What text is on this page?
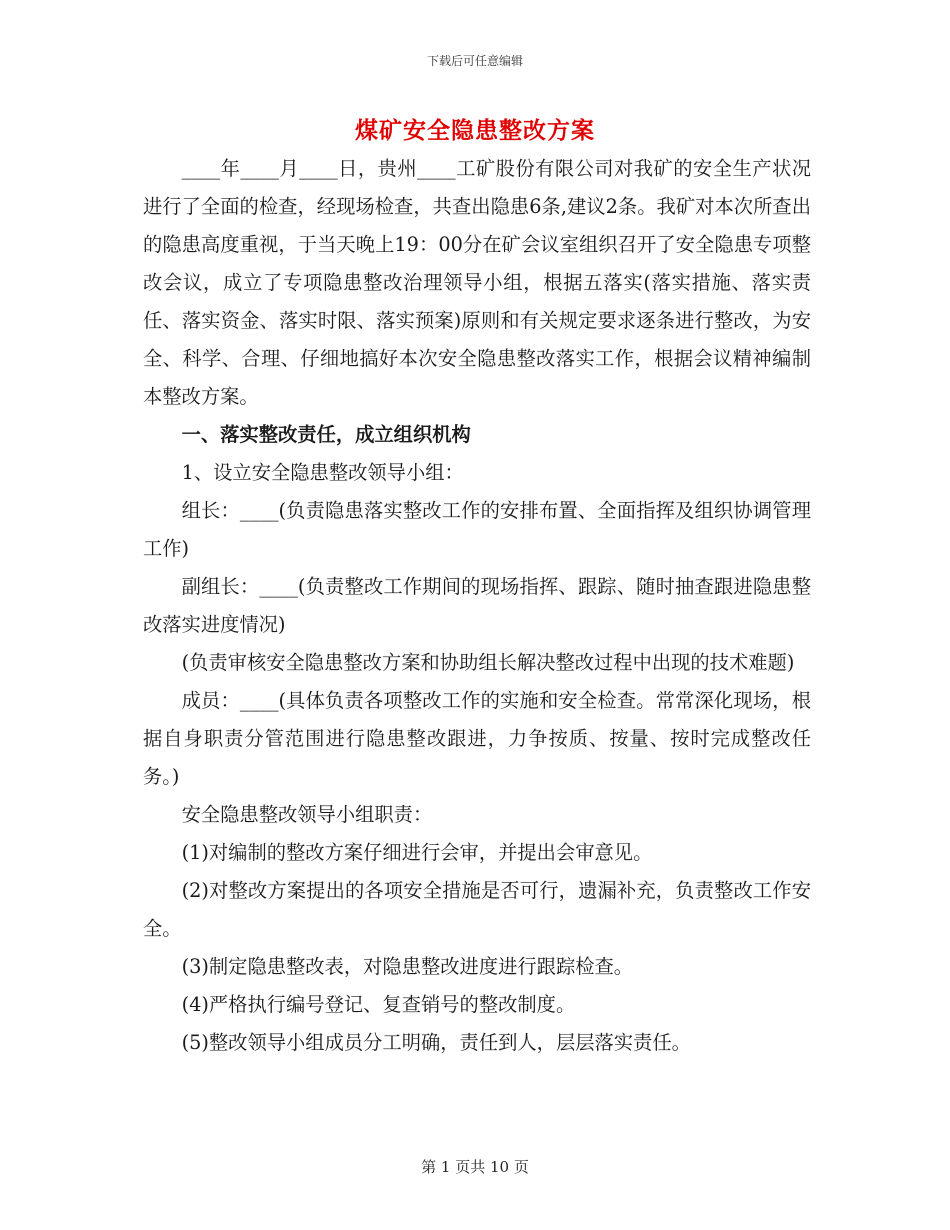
下载后可任意编辑
煤矿安全隐患整改方案

____年____月____日，贵州____工矿股份有限公司对我矿的安全生产状况进行了全面的检查，经现场检查，共查出隐患6条,建议2条。我矿对本次所查出的隐患高度重视，于当天晚上19：00分在矿会议室组织召开了安全隐患专项整改会议，成立了专项隐患整改治理领导小组，根据五落实(落实措施、落实责任、落实资金、落实时限、落实预案)原则和有关规定要求逐条进行整改，为安全、科学、合理、仔细地搞好本次安全隐患整改落实工作，根据会议精神编制本整改方案。

一、落实整改责任，成立组织机构

1、设立安全隐患整改领导小组：

组长：____(负责隐患落实整改工作的安排布置、全面指挥及组织协调管理工作)

副组长：____(负责整改工作期间的现场指挥、跟踪、随时抽查跟进隐患整改落实进度情况)

(负责审核安全隐患整改方案和协助组长解决整改过程中出现的技术难题)

成员：____(具体负责各项整改工作的实施和安全检查。常常深化现场，根据自身职责分管范围进行隐患整改跟进，力争按质、按量、按时完成整改任务。)

安全隐患整改领导小组职责：

(1)对编制的整改方案仔细进行会审，并提出会审意见。

(2)对整改方案提出的各项安全措施是否可行，遗漏补充，负责整改工作安全。

(3)制定隐患整改表，对隐患整改进度进行跟踪检查。

(4)严格执行编号登记、复查销号的整改制度。

(5)整改领导小组成员分工明确，责任到人，层层落实责任。

第 1 页共 10 页
